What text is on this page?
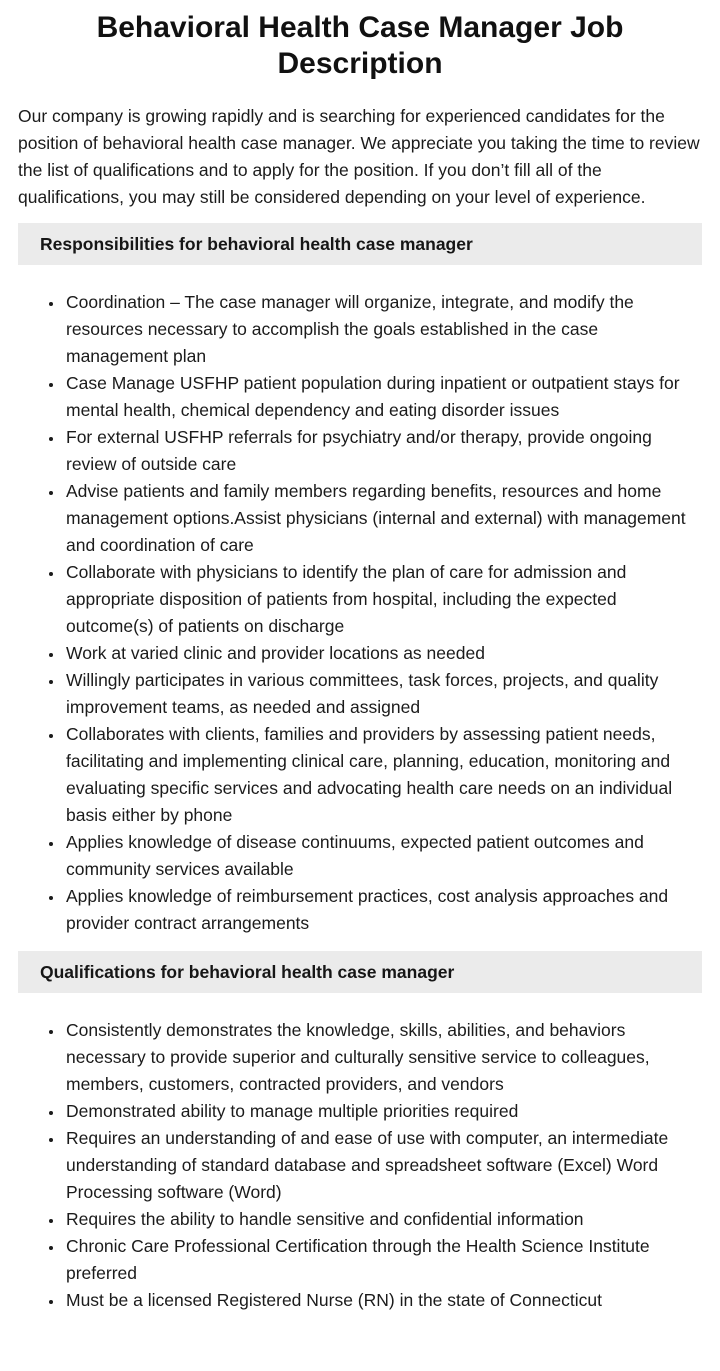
Behavioral Health Case Manager Job Description

Our company is growing rapidly and is searching for experienced candidates for the position of behavioral health case manager. We appreciate you taking the time to review the list of qualifications and to apply for the position. If you don’t fill all of the qualifications, you may still be considered depending on your level of experience.

Responsibilities for behavioral health case manager
• Coordination – The case manager will organize, integrate, and modify the resources necessary to accomplish the goals established in the case management plan
• Case Manage USFHP patient population during inpatient or outpatient stays for mental health, chemical dependency and eating disorder issues
• For external USFHP referrals for psychiatry and/or therapy, provide ongoing review of outside care
• Advise patients and family members regarding benefits, resources and home management options.Assist physicians (internal and external) with management and coordination of care
• Collaborate with physicians to identify the plan of care for admission and appropriate disposition of patients from hospital, including the expected outcome(s) of patients on discharge
• Work at varied clinic and provider locations as needed
• Willingly participates in various committees, task forces, projects, and quality improvement teams, as needed and assigned
• Collaborates with clients, families and providers by assessing patient needs, facilitating and implementing clinical care, planning, education, monitoring and evaluating specific services and advocating health care needs on an individual basis either by phone
• Applies knowledge of disease continuums, expected patient outcomes and community services available
• Applies knowledge of reimbursement practices, cost analysis approaches and provider contract arrangements
Qualifications for behavioral health case manager
• Consistently demonstrates the knowledge, skills, abilities, and behaviors necessary to provide superior and culturally sensitive service to colleagues, members, customers, contracted providers, and vendors
• Demonstrated ability to manage multiple priorities required
• Requires an understanding of and ease of use with computer, an intermediate understanding of standard database and spreadsheet software (Excel) Word Processing software (Word)
• Requires the ability to handle sensitive and confidential information
• Chronic Care Professional Certification through the Health Science Institute preferred
• Must be a licensed Registered Nurse (RN) in the state of Connecticut
